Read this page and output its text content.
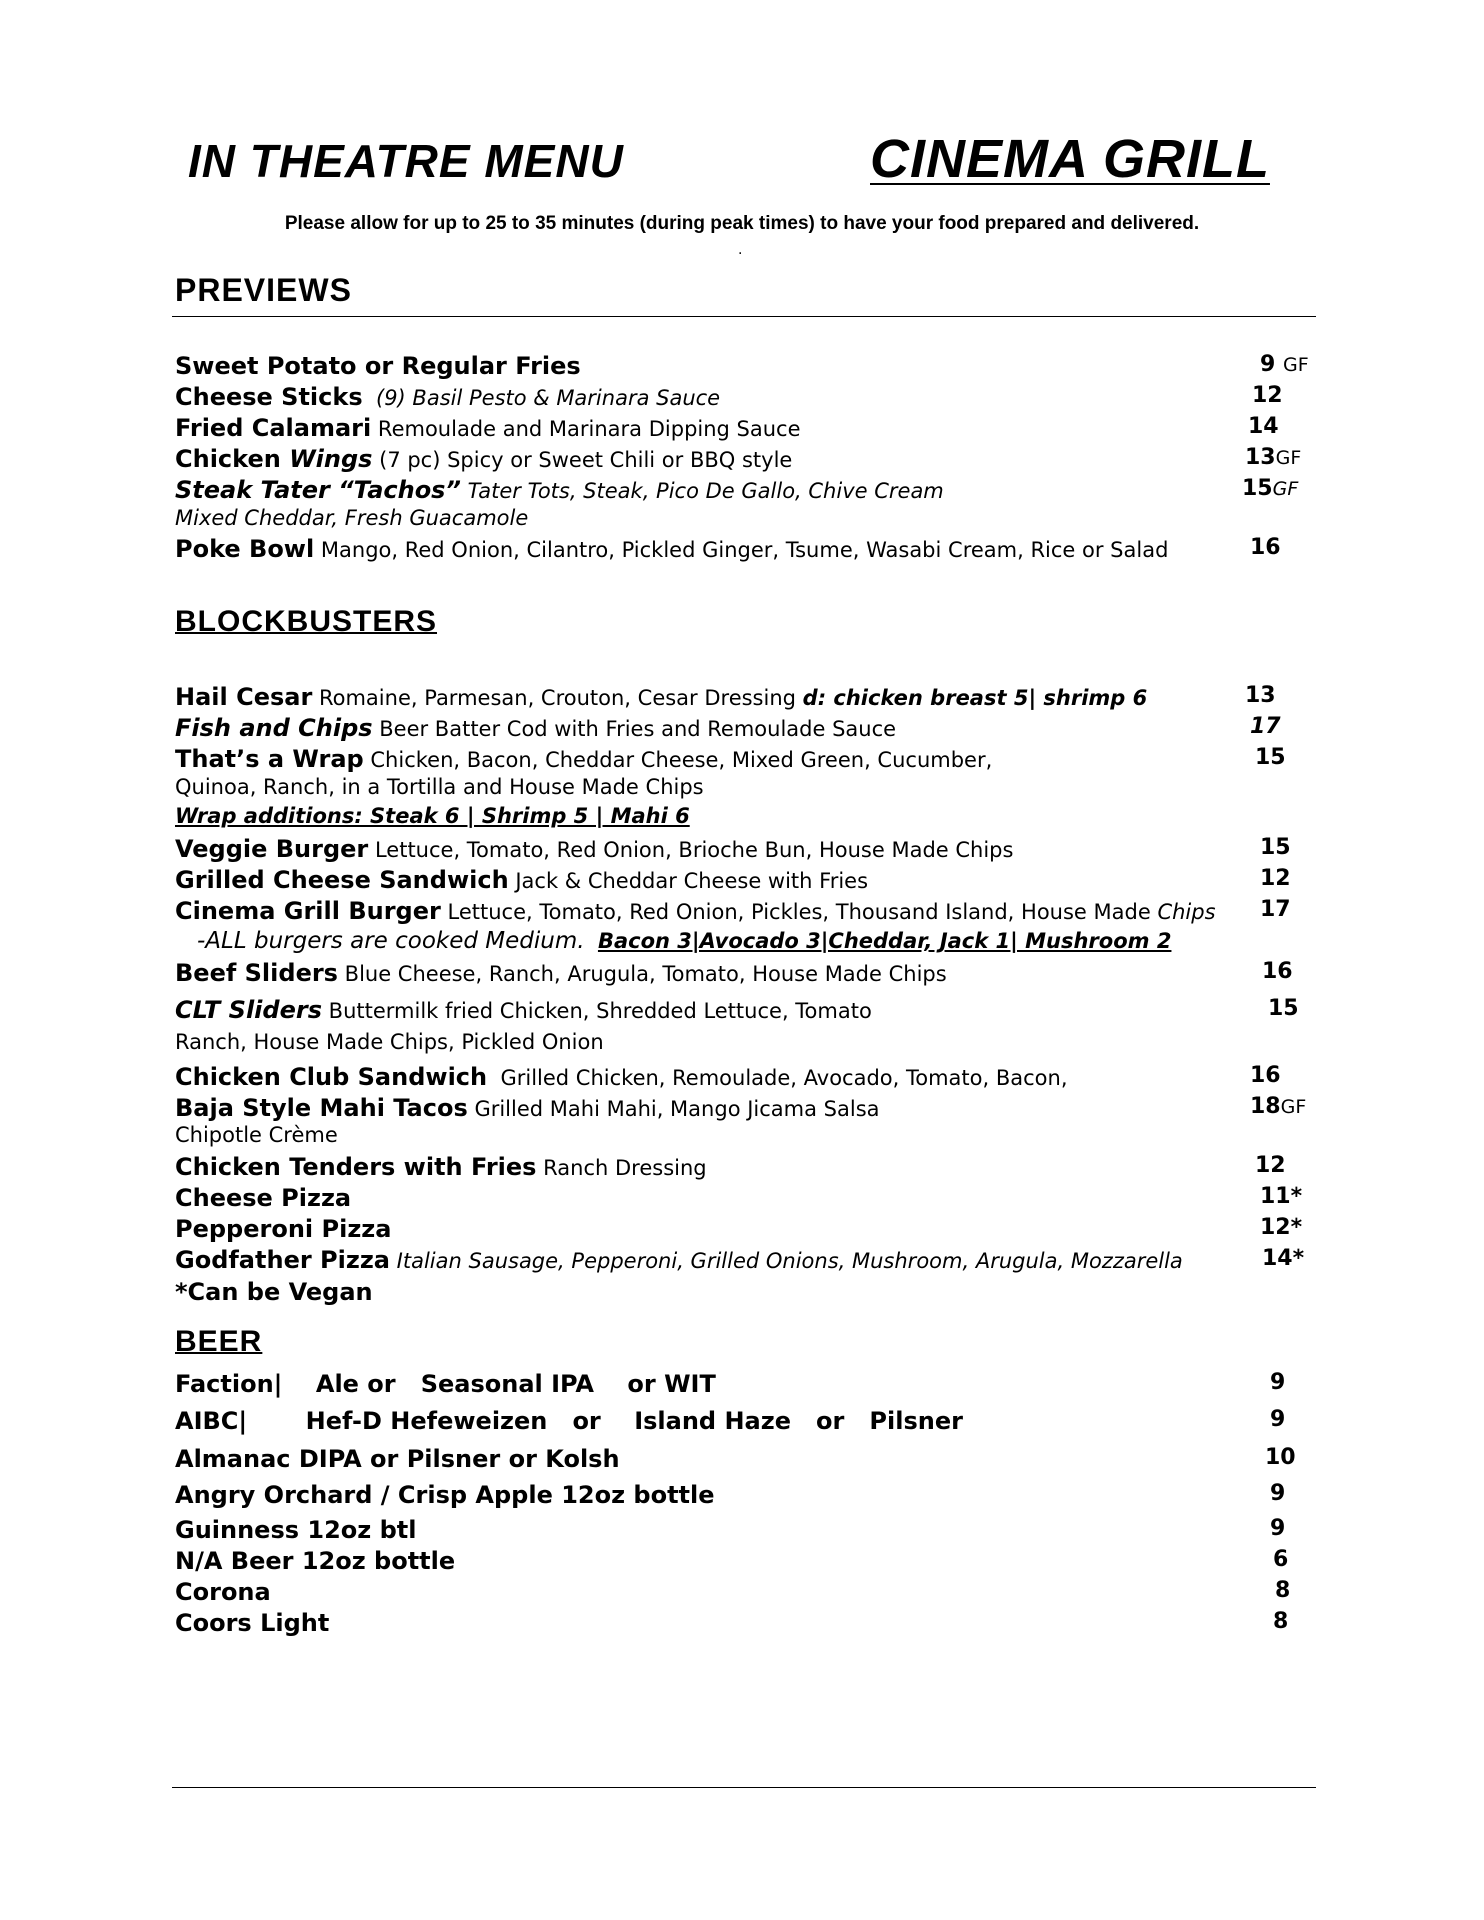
IN THEATRE MENU	CINEMA GRILL
Please allow for up to 25 to 35 minutes (during peak times) to have your food prepared and delivered.
.
PREVIEWS
Sweet Potato or Regular Fries	9 GF
Cheese Sticks (9) Basil Pesto & Marinara Sauce	12
Fried Calamari Remoulade and Marinara Dipping Sauce	14
Chicken Wings (7 pc) Spicy or Sweet Chili or BBQ style	13GF
Steak Tater “Tachos” Tater Tots, Steak, Pico De Gallo, Chive Cream	15GF
Mixed Cheddar, Fresh Guacamole
Poke Bowl Mango, Red Onion, Cilantro, Pickled Ginger, Tsume, Wasabi Cream, Rice or Salad	16
BLOCKBUSTERS
Hail Cesar Romaine, Parmesan, Crouton, Cesar Dressing d: chicken breast 5| shrimp 6	13
Fish and Chips Beer Batter Cod with Fries and Remoulade Sauce	17
That’s a Wrap Chicken, Bacon, Cheddar Cheese, Mixed Green, Cucumber,	15
Quinoa, Ranch, in a Tortilla and House Made Chips
Wrap additions: Steak 6 | Shrimp 5 | Mahi 6
Veggie Burger Lettuce, Tomato, Red Onion, Brioche Bun, House Made Chips	15
Grilled Cheese Sandwich Jack & Cheddar Cheese with Fries	12
Cinema Grill Burger Lettuce, Tomato, Red Onion, Pickles, Thousand Island, House Made Chips 17
-ALL burgers are cooked Medium. Bacon 3|Avocado 3|Cheddar, Jack 1| Mushroom 2
Beef Sliders Blue Cheese, Ranch, Arugula, Tomato, House Made Chips	16
CLT Sliders Buttermilk fried Chicken, Shredded Lettuce, Tomato	15
Ranch, House Made Chips, Pickled Onion
Chicken Club Sandwich Grilled Chicken, Remoulade, Avocado, Tomato, Bacon,	16
Baja Style Mahi Tacos Grilled Mahi Mahi, Mango Jicama Salsa	18GF
Chipotle Crème
Chicken Tenders with Fries Ranch Dressing	12
Cheese Pizza	11*
Pepperoni Pizza	12*
Godfather Pizza Italian Sausage, Pepperoni, Grilled Onions, Mushroom, Arugula, Mozzarella	14*
*Can be Vegan
BEER
Faction|    Ale or   Seasonal IPA    or WIT	9
AIBC|       Hef-D Hefeweizen   or    Island Haze   or   Pilsner	9
Almanac DIPA or Pilsner or Kolsh	10
Angry Orchard / Crisp Apple 12oz bottle	9
Guinness 12oz btl	9
N/A Beer 12oz bottle	6
Corona	8
Coors Light	8
